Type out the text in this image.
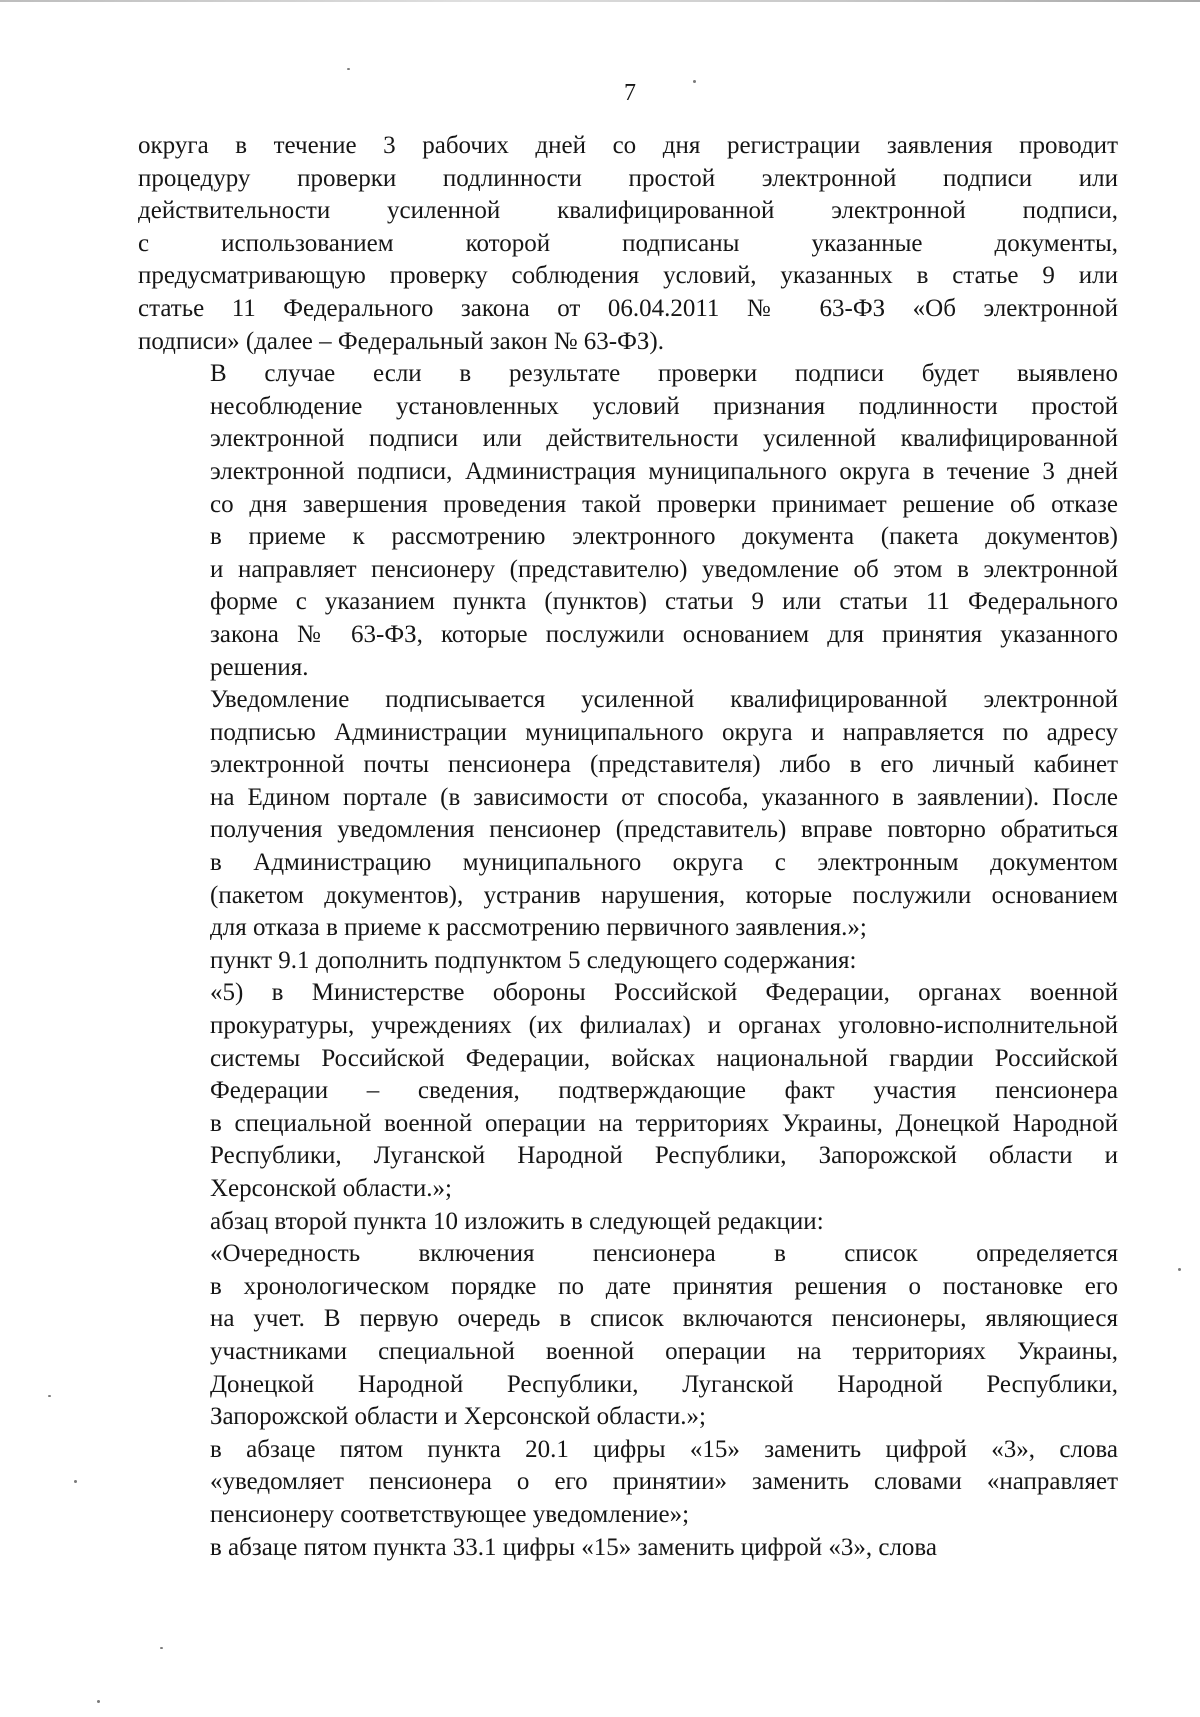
7
округа в течение 3 рабочих дней со дня регистрации заявления проводит
процедуру проверки подлинности простой электронной подписи или
действительности усиленной квалифицированной электронной подписи,
с использованием которой подписаны указанные документы,
предусматривающую проверку соблюдения условий, указанных в статье 9 или
статье 11 Федерального закона от 06.04.2011 № 63-ФЗ «Об электронной
подписи» (далее – Федеральный закон № 63-ФЗ).
В случае если в результате проверки подписи будет выявлено
несоблюдение установленных условий признания подлинности простой
электронной подписи или действительности усиленной квалифицированной
электронной подписи, Администрация муниципального округа в течение 3 дней
со дня завершения проведения такой проверки принимает решение об отказе
в приеме к рассмотрению электронного документа (пакета документов)
и направляет пенсионеру (представителю) уведомление об этом в электронной
форме с указанием пункта (пунктов) статьи 9 или статьи 11 Федерального
закона № 63-ФЗ, которые послужили основанием для принятия указанного
решения.
Уведомление подписывается усиленной квалифицированной электронной
подписью Администрации муниципального округа и направляется по адресу
электронной почты пенсионера (представителя) либо в его личный кабинет
на Едином портале (в зависимости от способа, указанного в заявлении). После
получения уведомления пенсионер (представитель) вправе повторно обратиться
в Администрацию муниципального округа с электронным документом
(пакетом документов), устранив нарушения, которые послужили основанием
для отказа в приеме к рассмотрению первичного заявления.»;
пункт 9.1 дополнить подпунктом 5 следующего содержания:
«5) в Министерстве обороны Российской Федерации, органах военной
прокуратуры, учреждениях (их филиалах) и органах уголовно-исполнительной
системы Российской Федерации, войсках национальной гвардии Российской
Федерации – сведения, подтверждающие факт участия пенсионера
в специальной военной операции на территориях Украины, Донецкой Народной
Республики, Луганской Народной Республики, Запорожской области и
Херсонской области.»;
абзац второй пункта 10 изложить в следующей редакции:
«Очередность включения пенсионера в список определяется
в хронологическом порядке по дате принятия решения о постановке его
на учет. В первую очередь в список включаются пенсионеры, являющиеся
участниками специальной военной операции на территориях Украины,
Донецкой Народной Республики, Луганской Народной Республики,
Запорожской области и Херсонской области.»;
в абзаце пятом пункта 20.1 цифры «15» заменить цифрой «3», слова
«уведомляет пенсионера о его принятии» заменить словами «направляет
пенсионеру соответствующее уведомление»;
в абзаце пятом пункта 33.1 цифры «15» заменить цифрой «3», слова
